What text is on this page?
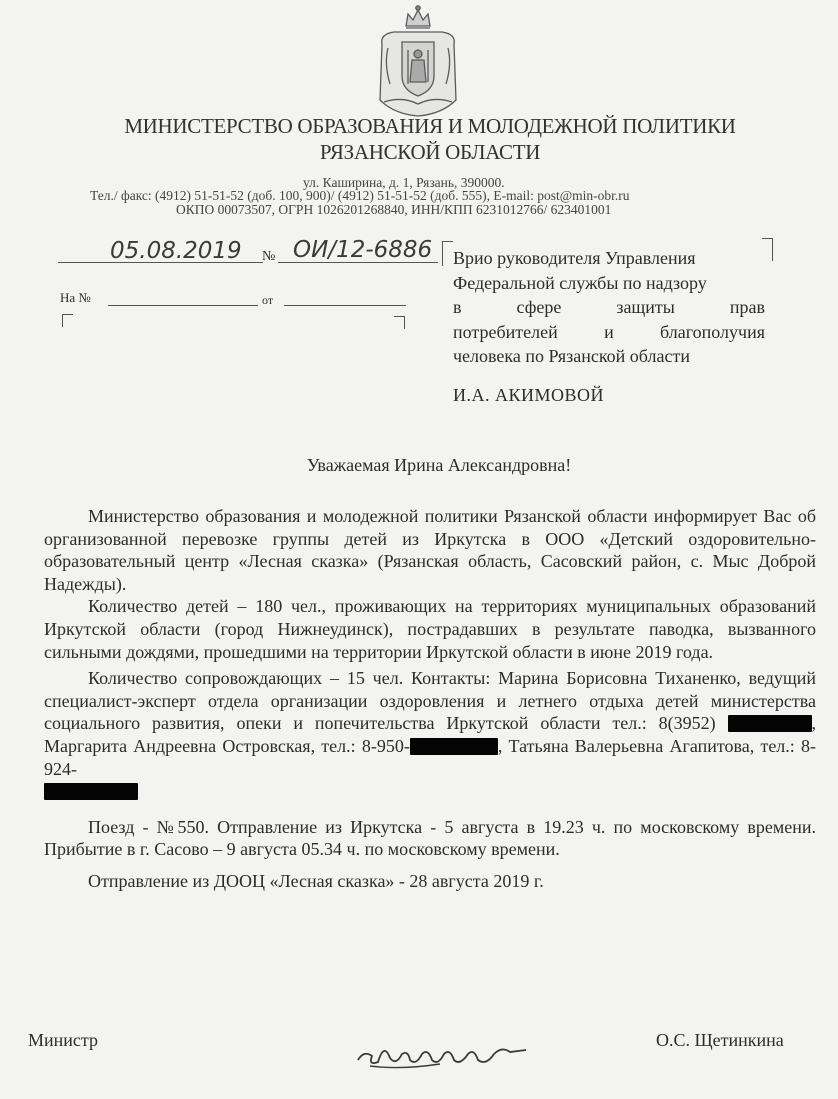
МИНИСТЕРСТВО ОБРАЗОВАНИЯ И МОЛОДЕЖНОЙ ПОЛИТИКИ
РЯЗАНСКОЙ ОБЛАСТИ
ул. Каширина, д. 1, Рязань, 390000.
Тел./ факс: (4912) 51-51-52 (доб. 100, 900)/ (4912) 51-51-52 (доб. 555), E-mail: post@min-obr.ru
ОКПО 00073507, ОГРН 1026201268840, ИНН/КПП 6231012766/ 623401001
05.08.2019 № ОИ/12-6886
На №	от
Врио руководителя Управления
Федеральной службы по надзору
в	сфере	защиты	прав
потребителей	и	благополучия
человека по Рязанской области
И.А. АКИМОВОЙ
Уважаемая Ирина Александровна!

Министерство образования и молодежной политики Рязанской области информирует Вас об организованной перевозке группы детей из Иркутска в ООО «Детский оздоровительно-образовательный центр «Лесная сказка» (Рязанская область, Сасовский район, с. Мыс Доброй Надежды).

Количество детей – 180 чел., проживающих на территориях муниципальных образований Иркутской области (город Нижнеудинск), пострадавших в результате паводка, вызванного сильными дождями, прошедшими на территории Иркутской области в июне 2019 года.

Количество сопровождающих – 15 чел. Контакты: Марина Борисовна Тиханенко, ведущий специалист-эксперт отдела организации оздоровления и летнего отдыха детей министерства социального развития, опеки и попечительства Иркутской области тел.: 8(3952)	, Маргарита Андреевна Островская, тел.: 8-950-	, Татьяна Валерьевна Агапитова, тел.: 8-924-

Поезд - №550. Отправление из Иркутска - 5 августа в 19.23 ч. по московскому времени. Прибытие в г. Сасово – 9 августа 05.34 ч. по московскому времени.

Отправление из ДООЦ «Лесная сказка» - 28 августа 2019 г.

Министр	О.С. Щетинкина
